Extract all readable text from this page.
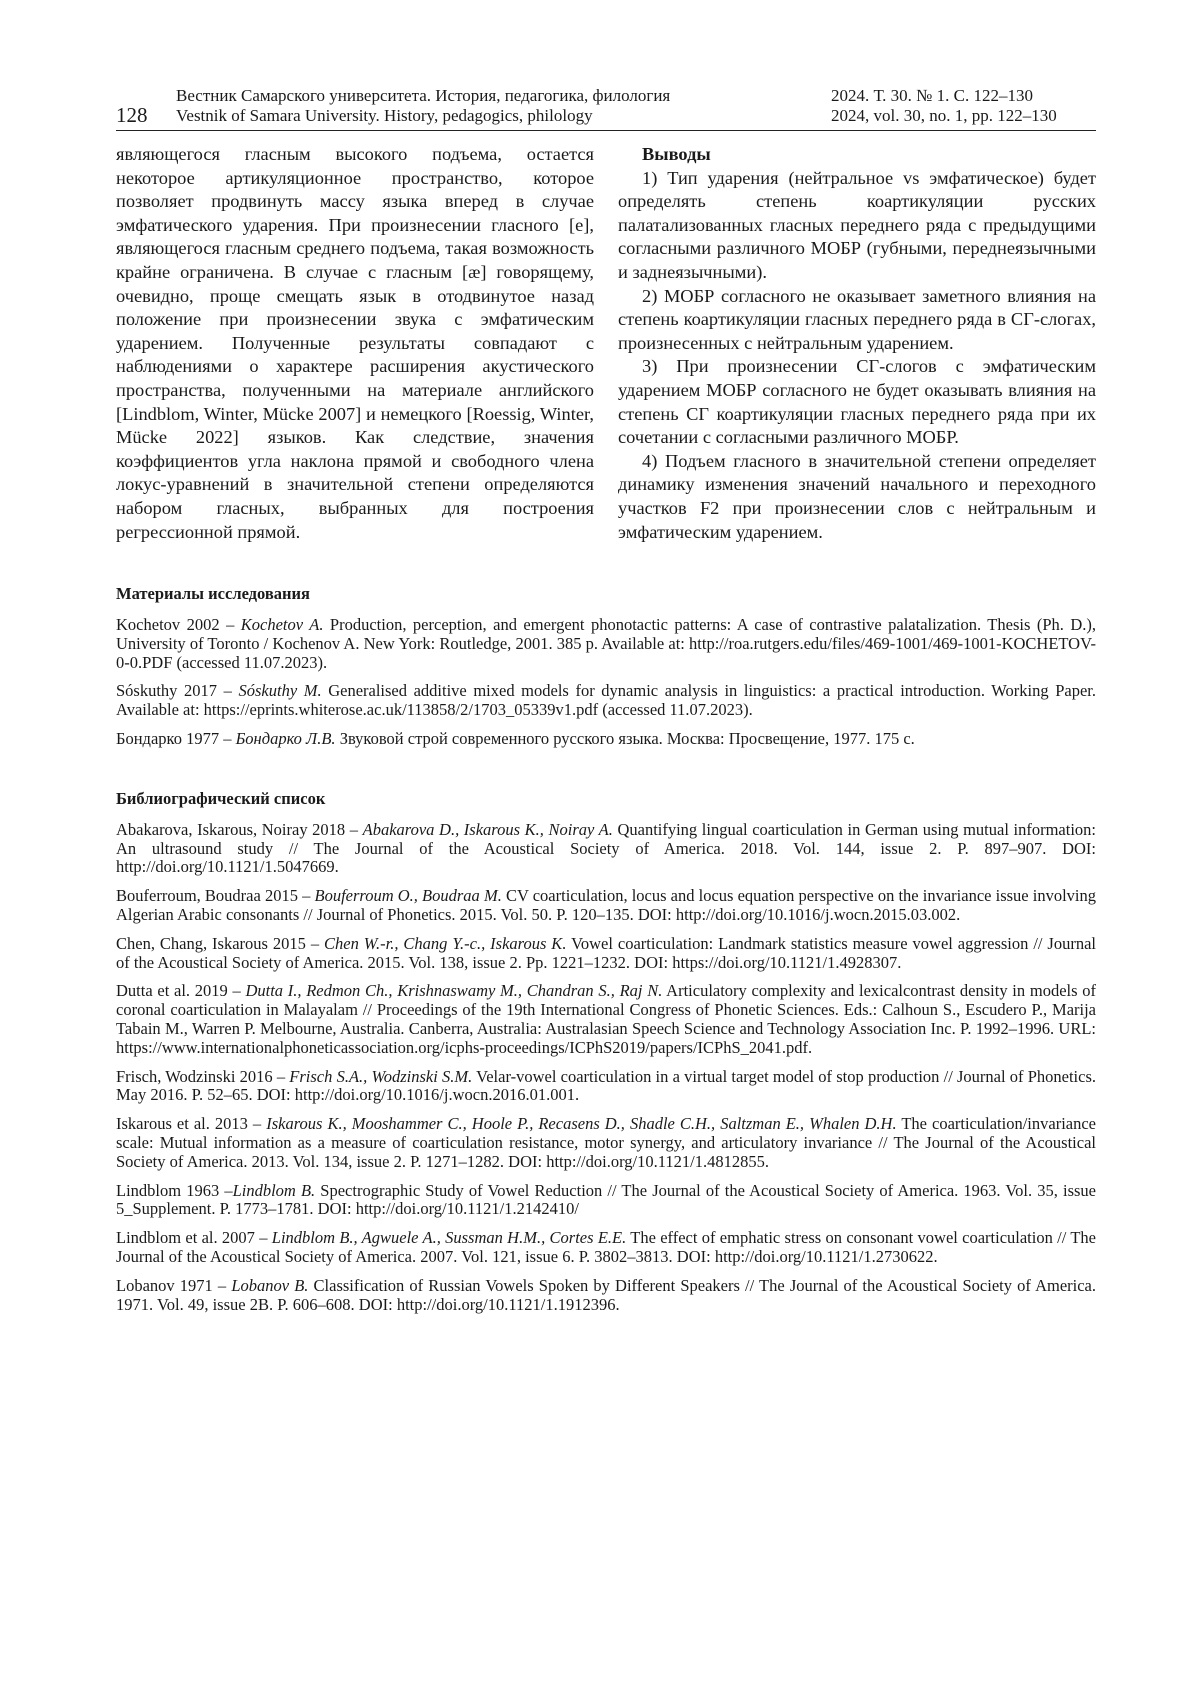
128
Вестник Самарского университета. История, педагогика, филология
Vestnik of Samara University. History, pedagogics, philology
2024. Т. 30. № 1. С. 122–130
2024, vol. 30, no. 1, pp. 122–130

являющегося гласным высокого подъема, остается некоторое артикуляционное пространство, которое позволяет продвинуть массу языка вперед в случае эмфатического ударения. При произнесении гласного [e], являющегося гласным среднего подъема, такая возможность крайне ограничена. В случае с гласным [æ] говорящему, очевидно, проще смещать язык в отодвинутое назад положение при произнесении звука с эмфатическим ударением. Полученные результаты совпадают с наблюдениями о характере расширения акустического пространства, полученными на материале английского [Lindblom, Winter, Mücke 2007] и немецкого [Roessig, Winter, Mücke 2022] языков. Как следствие, значения коэффициентов угла наклона прямой и свободного члена локус-уравнений в значительной степени определяются набором гласных, выбранных для построения регрессионной прямой.

Выводы

1) Тип ударения (нейтральное vs эмфатическое) будет определять степень коартикуляции русских палатализованных гласных переднего ряда с предыдущими согласными различного МОБР (губными, переднеязычными и заднеязычными).

2) МОБР согласного не оказывает заметного влияния на степень коартикуляции гласных переднего ряда в СГ-слогах, произнесенных с нейтральным ударением.

3) При произнесении СГ-слогов с эмфатическим ударением МОБР согласного не будет оказывать влияния на степень СГ коартикуляции гласных переднего ряда при их сочетании с согласными различного МОБР.

4) Подъем гласного в значительной степени определяет динамику изменения значений начального и переходного участков F2 при произнесении слов с нейтральным и эмфатическим ударением.

Материалы исследования

Kochetov 2002 – Kochetov A. Production, perception, and emergent phonotactic patterns: A case of contrastive palatalization. Thesis (Ph. D.), University of Toronto / Kochenov A. New York: Routledge, 2001. 385 p. Available at: http://roa.rutgers.edu/files/469-1001/469-1001-KOCHETOV-0-0.PDF (accessed 11.07.2023).

Sóskuthy 2017 – Sóskuthy M. Generalised additive mixed models for dynamic analysis in linguistics: a practical introduction. Working Paper. Available at: https://eprints.whiterose.ac.uk/113858/2/1703_05339v1.pdf (accessed 11.07.2023).

Бондарко 1977 – Бондарко Л.В. Звуковой строй современного русского языка. Москва: Просвещение, 1977. 175 с.

Библиографический список

Abakarova, Iskarous, Noiray 2018 – Abakarova D., Iskarous K., Noiray A. Quantifying lingual coarticulation in German using mutual information: An ultrasound study // The Journal of the Acoustical Society of America. 2018. Vol. 144, issue 2. P. 897–907. DOI: http://doi.org/10.1121/1.5047669.

Bouferroum, Boudraa 2015 – Bouferroum O., Boudraa M. CV coarticulation, locus and locus equation perspective on the invariance issue involving Algerian Arabic consonants // Journal of Phonetics. 2015. Vol. 50. P. 120–135. DOI: http://doi.org/10.1016/j.wocn.2015.03.002.

Chen, Chang, Iskarous 2015 – Chen W.-r., Chang Y.-c., Iskarous K. Vowel coarticulation: Landmark statistics measure vowel aggression // Journal of the Acoustical Society of America. 2015. Vol. 138, issue 2. Pp. 1221–1232. DOI: https://doi.org/10.1121/1.4928307.

Dutta et al. 2019 – Dutta I., Redmon Ch., Krishnaswamy M., Chandran S., Raj N. Articulatory complexity and lexicalcontrast density in models of coronal coarticulation in Malayalam // Proceedings of the 19th International Congress of Phonetic Sciences. Eds.: Calhoun S., Escudero P., Marija Tabain M., Warren P. Melbourne, Australia. Canberra, Australia: Australasian Speech Science and Technology Association Inc. P. 1992–1996. URL: https://www.internationalphoneticassociation.org/icphs-proceedings/ICPhS2019/papers/ICPhS_2041.pdf.

Frisch, Wodzinski 2016 – Frisch S.A., Wodzinski S.M. Velar-vowel coarticulation in a virtual target model of stop production // Journal of Phonetics. May 2016. P. 52–65. DOI: http://doi.org/10.1016/j.wocn.2016.01.001.

Iskarous et al. 2013 – Iskarous K., Mooshammer C., Hoole P., Recasens D., Shadle C.H., Saltzman E., Whalen D.H. The coarticulation/invariance scale: Mutual information as a measure of coarticulation resistance, motor synergy, and articulatory invariance // The Journal of the Acoustical Society of America. 2013. Vol. 134, issue 2. P. 1271–1282. DOI: http://doi.org/10.1121/1.4812855.

Lindblom 1963 –Lindblom B. Spectrographic Study of Vowel Reduction // The Journal of the Acoustical Society of America. 1963. Vol. 35, issue 5_Supplement. P. 1773–1781. DOI: http://doi.org/10.1121/1.2142410/

Lindblom et al. 2007 – Lindblom B., Agwuele A., Sussman H.M., Cortes E.E. The effect of emphatic stress on consonant vowel coarticulation // The Journal of the Acoustical Society of America. 2007. Vol. 121, issue 6. P. 3802–3813. DOI: http://doi.org/10.1121/1.2730622.

Lobanov 1971 – Lobanov B. Classification of Russian Vowels Spoken by Different Speakers // The Journal of the Acoustical Society of America. 1971. Vol. 49, issue 2B. P. 606–608. DOI: http://doi.org/10.1121/1.1912396.
